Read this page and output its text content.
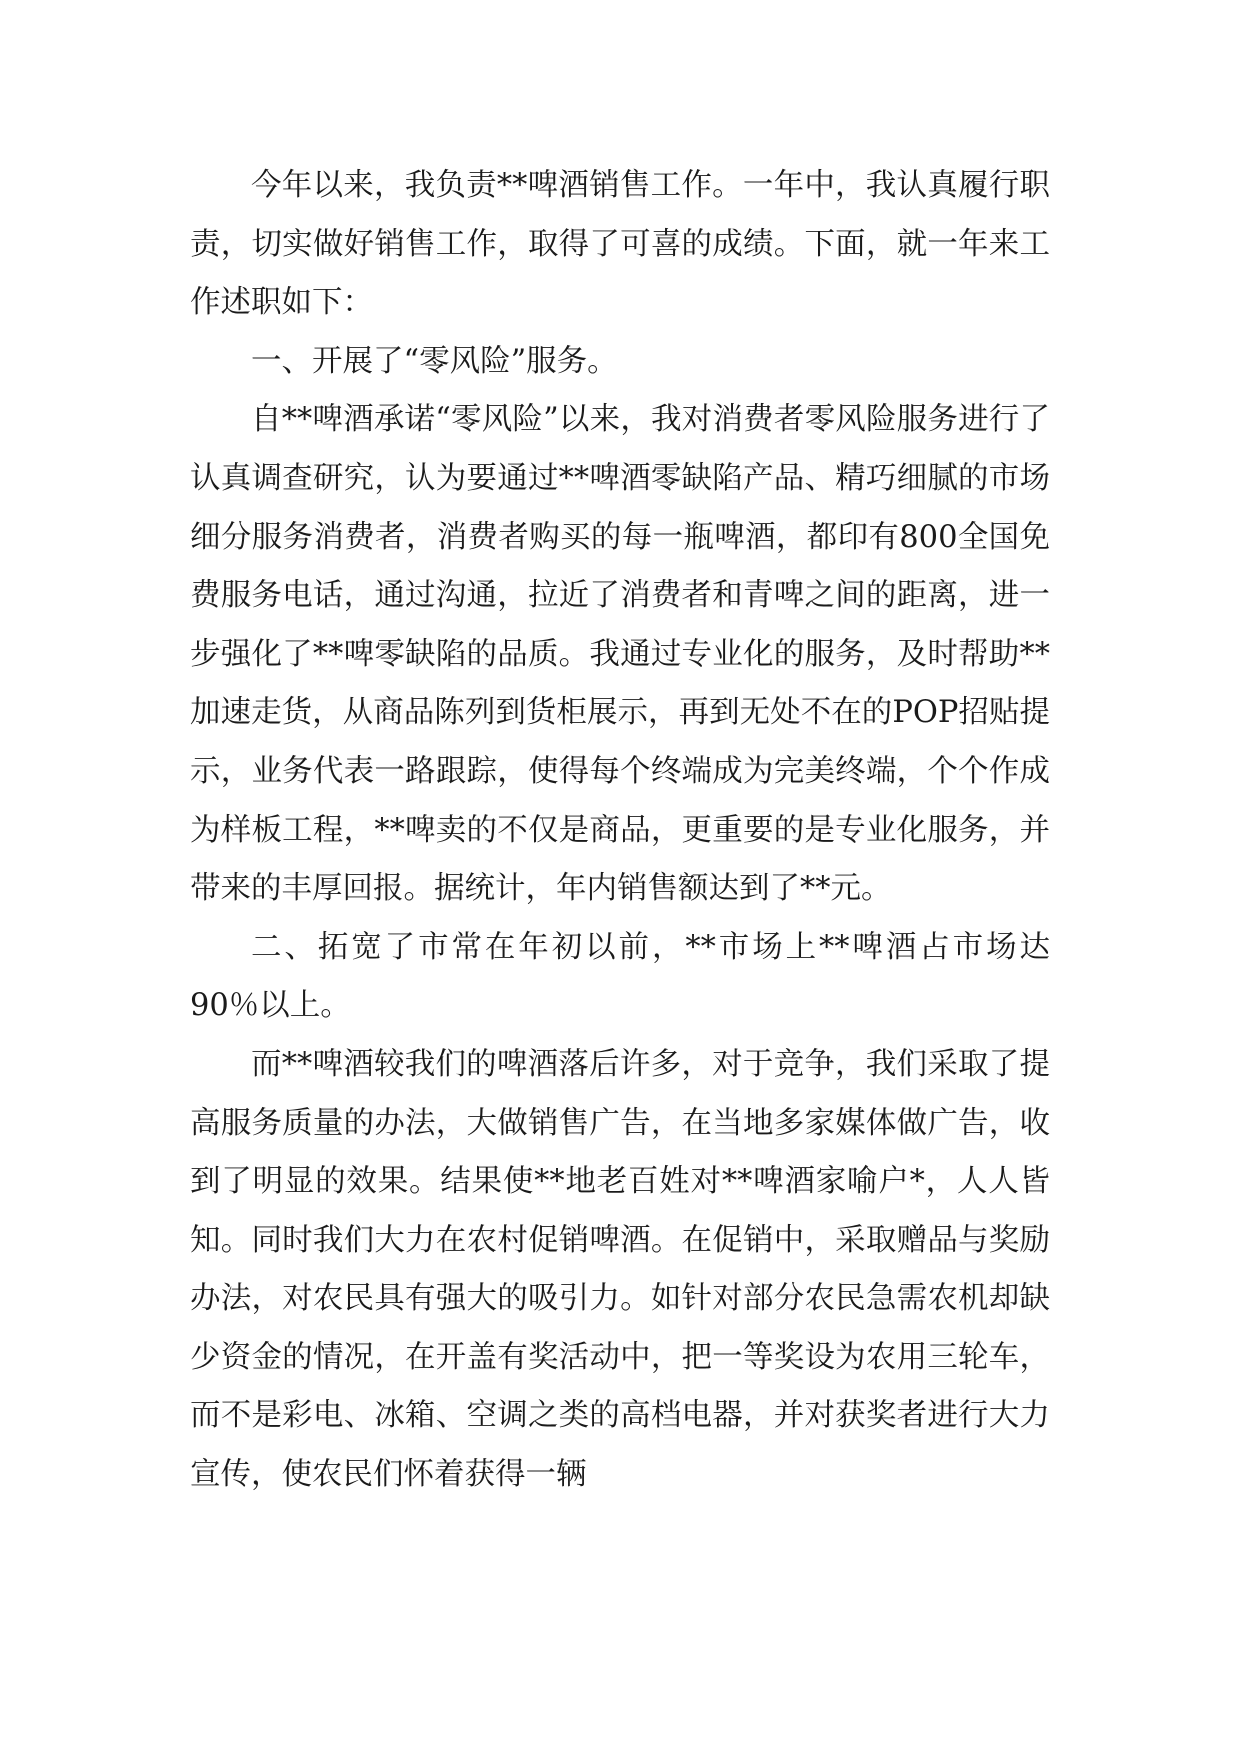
今年以来，我负责**啤酒销售工作。一年中，我认真履行职责，切实做好销售工作，取得了可喜的成绩。下面，就一年来工作述职如下：

一、开展了“零风险”服务。

自**啤酒承诺“零风险”以来，我对消费者零风险服务进行了认真调查研究，认为要通过**啤酒零缺陷产品、精巧细腻的市场细分服务消费者，消费者购买的每一瓶啤酒，都印有800全国免费服务电话，通过沟通，拉近了消费者和青啤之间的距离，进一步强化了**啤零缺陷的品质。我通过专业化的服务，及时帮助**加速走货，从商品陈列到货柜展示，再到无处不在的POP招贴提示，业务代表一路跟踪，使得每个终端成为完美终端，个个作成为样板工程，**啤卖的不仅是商品，更重要的是专业化服务，并带来的丰厚回报。据统计，年内销售额达到了**元。

二、拓宽了市常在年初以前，**市场上**啤酒占市场达90％以上。

而**啤酒较我们的啤酒落后许多，对于竞争，我们采取了提高服务质量的办法，大做销售广告，在当地多家媒体做广告，收到了明显的效果。结果使**地老百姓对**啤酒家喻户*，人人皆知。同时我们大力在农村促销啤酒。在促销中，采取赠品与奖励办法，对农民具有强大的吸引力。如针对部分农民急需农机却缺少资金的情况，在开盖有奖活动中，把一等奖设为农用三轮车，而不是彩电、冰箱、空调之类的高档电器，并对获奖者进行大力宣传，使农民们怀着获得一辆
